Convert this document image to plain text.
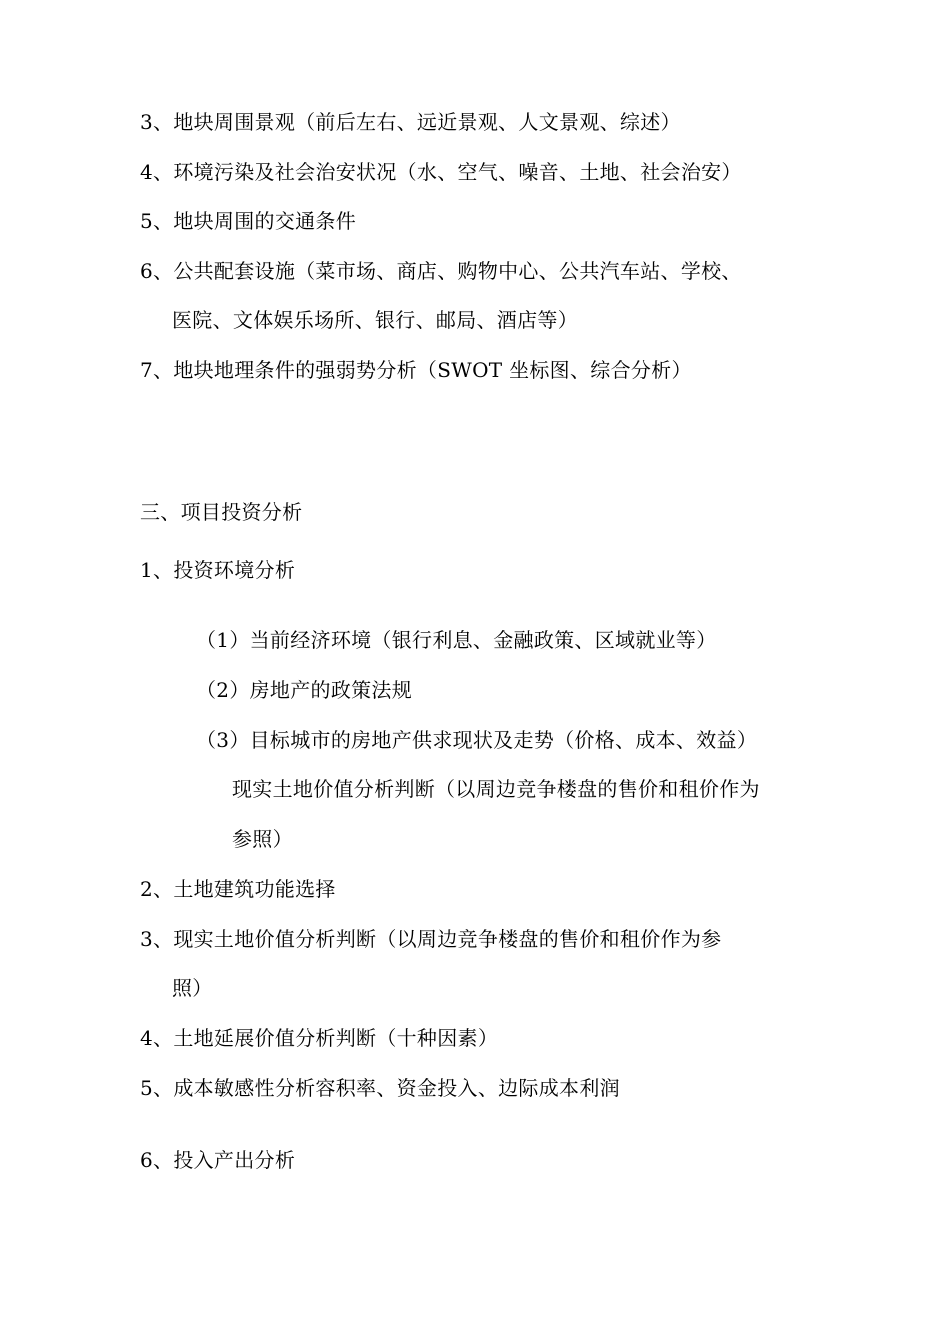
3、地块周围景观（前后左右、远近景观、人文景观、综述）
4、环境污染及社会治安状况（水、空气、噪音、土地、社会治安）
5、地块周围的交通条件
6、公共配套设施（菜市场、商店、购物中心、公共汽车站、学校、
医院、文体娱乐场所、银行、邮局、酒店等）
7、地块地理条件的强弱势分析（SWOT 坐标图、综合分析）
三、项目投资分析
1、投资环境分析
（1）当前经济环境（银行利息、金融政策、区域就业等）
（2）房地产的政策法规
（3）目标城市的房地产供求现状及走势（价格、成本、效益）
现实土地价值分析判断（以周边竞争楼盘的售价和租价作为
参照）
2、土地建筑功能选择
3、现实土地价值分析判断（以周边竞争楼盘的售价和租价作为参
照）
4、土地延展价值分析判断（十种因素）
5、成本敏感性分析容积率、资金投入、边际成本利润
6、投入产出分析
